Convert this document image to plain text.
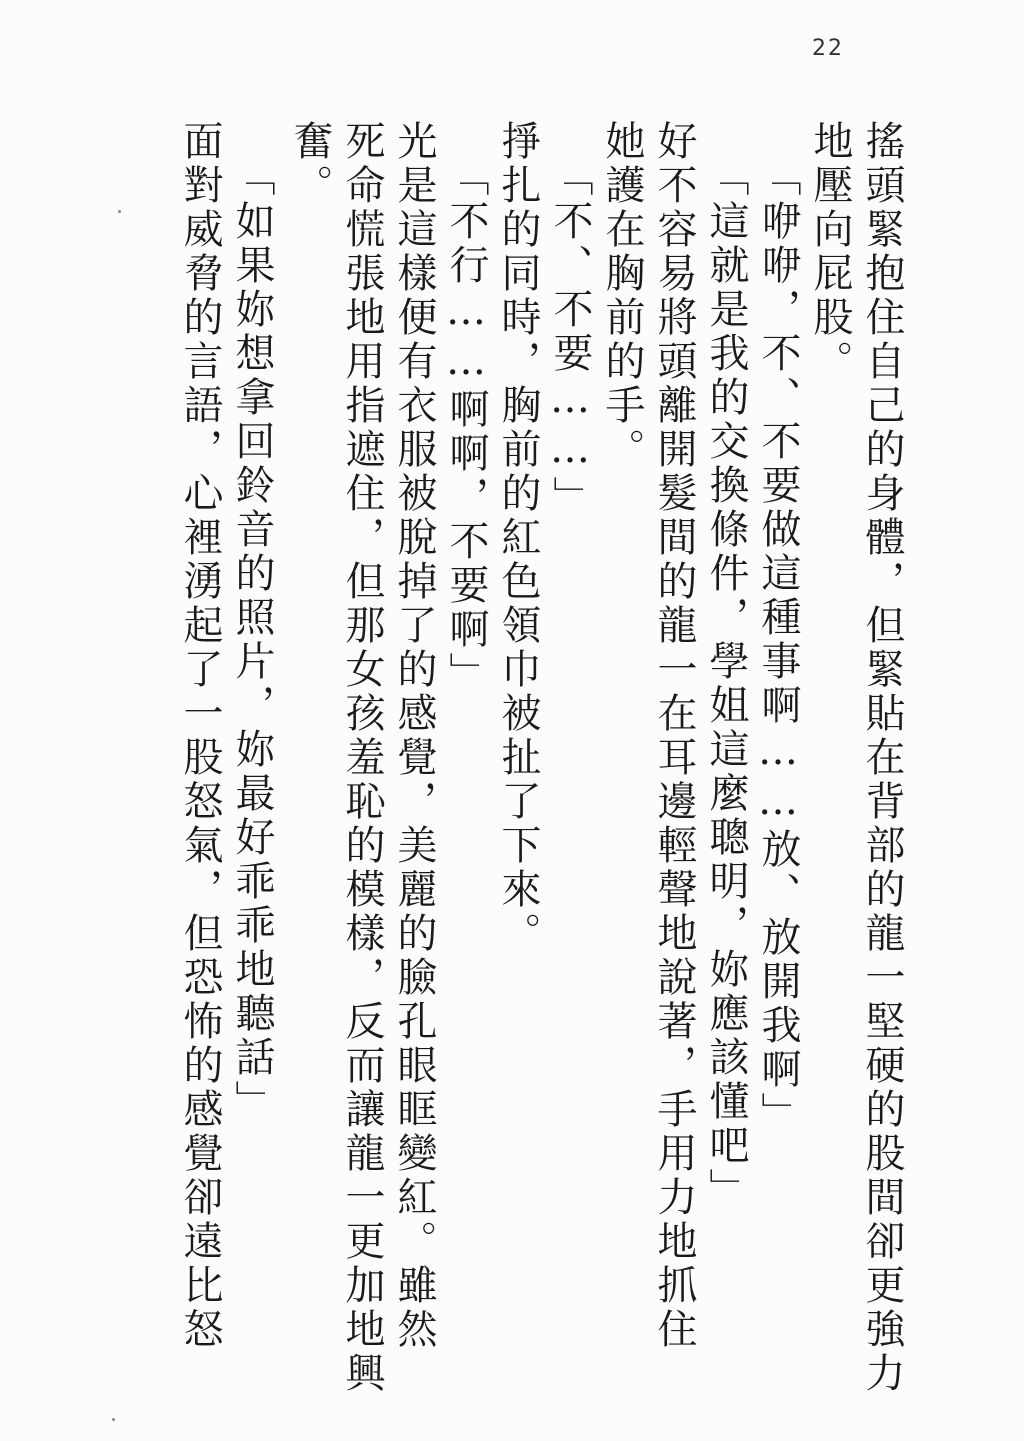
22
搖頭緊抱住自己的身體，但緊貼在背部的龍一堅硬的股間卻更強力
地壓向屁股。
「咿咿，不、不要做這種事啊……放、放開我啊」
「這就是我的交換條件，學姐這麼聰明，妳應該懂吧」
好不容易將頭離開髮間的龍一在耳邊輕聲地說著，手用力地抓住
她護在胸前的手。
「不、不要……」
掙扎的同時，胸前的紅色領巾被扯了下來。
「不行……啊啊，不要啊」
光是這樣便有衣服被脫掉了的感覺，美麗的臉孔眼眶變紅。雖然
死命慌張地用指遮住，但那女孩羞恥的模樣，反而讓龍一更加地興
奮。
「如果妳想拿回鈴音的照片，妳最好乖乖地聽話」
面對威脅的言語，心裡湧起了一股怒氣，但恐怖的感覺卻遠比怒
